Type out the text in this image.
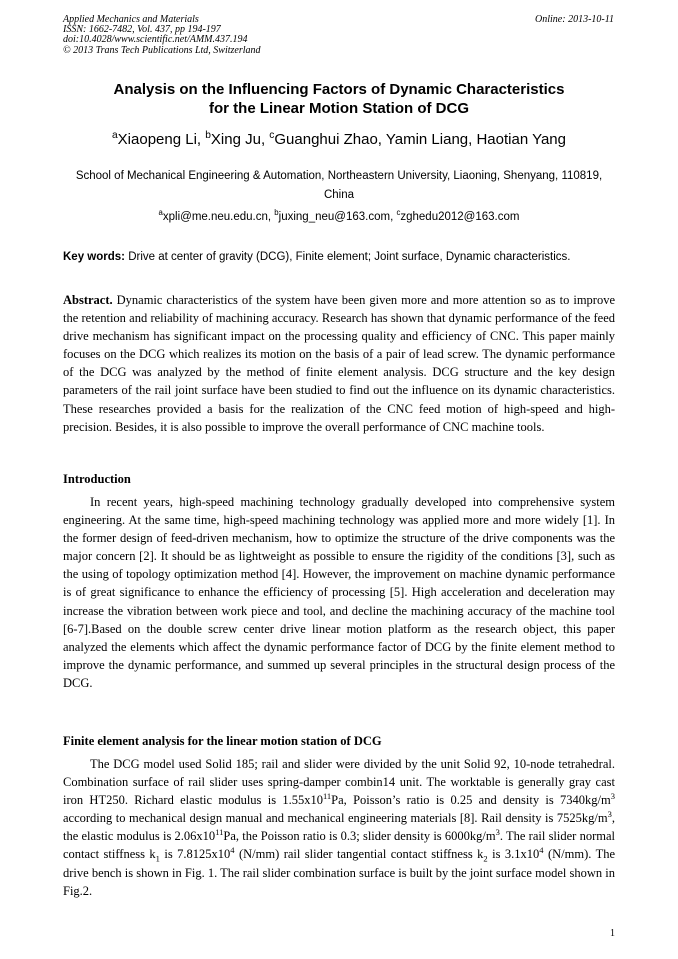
Applied Mechanics and Materials
ISSN: 1662-7482, Vol. 437, pp 194-197
doi:10.4028/www.scientific.net/AMM.437.194
© 2013 Trans Tech Publications Ltd, Switzerland
Online: 2013-10-11
Analysis on the Influencing Factors of Dynamic Characteristics
for the Linear Motion Station of DCG
$^a$Xiaopeng Li, $^b$Xing Ju, $^c$Guanghui Zhao, Yamin Liang, Haotian Yang
School of Mechanical Engineering & Automation, Northeastern University, Liaoning, Shenyang, 110819, China
$^a$xpli@me.neu.edu.cn, $^b$juxing_neu@163.com, $^c$zghedu2012@163.com
Key words: Drive at center of gravity (DCG), Finite element; Joint surface, Dynamic characteristics.
Abstract. Dynamic characteristics of the system have been given more and more attention so as to improve the retention and reliability of machining accuracy. Research has shown that dynamic performance of the feed drive mechanism has significant impact on the processing quality and efficiency of CNC. This paper mainly focuses on the DCG which realizes its motion on the basis of a pair of lead screw. The dynamic performance of the DCG was analyzed by the method of finite element analysis. DCG structure and the key design parameters of the rail joint surface have been studied to find out the influence on its dynamic characteristics. These researches provided a basis for the realization of the CNC feed motion of high-speed and high-precision. Besides, it is also possible to improve the overall performance of CNC machine tools.
Introduction
In recent years, high-speed machining technology gradually developed into comprehensive system engineering. At the same time, high-speed machining technology was applied more and more widely [1]. In the former design of feed-driven mechanism, how to optimize the structure of the drive components was the major concern [2]. It should be as lightweight as possible to ensure the rigidity of the conditions [3], such as the using of topology optimization method [4]. However, the improvement on machine dynamic performance is of great significance to enhance the efficiency of processing [5]. High acceleration and deceleration may increase the vibration between work piece and tool, and decline the machining accuracy of the machine tool [6-7].Based on the double screw center drive linear motion platform as the research object, this paper analyzed the elements which affect the dynamic performance factor of DCG by the finite element method to improve the dynamic performance, and summed up several principles in the structural design process of the DCG.
Finite element analysis for the linear motion station of DCG
The DCG model used Solid 185; rail and slider were divided by the unit Solid 92, 10-node tetrahedral. Combination surface of rail slider uses spring-damper combin14 unit. The worktable is generally gray cast iron HT250. Richard elastic modulus is $1.55x10^{11}Pa$, Poisson’s ratio is 0.25 and density is $7340kg/m^3$ according to mechanical design manual and mechanical engineering materials [8]. Rail density is $7525kg/m^3$, the elastic modulus is $2.06x10^{11}Pa$, the Poisson ratio is 0.3; slider density is $6000kg/m^3$. The rail slider normal contact stiffness $k_1$ is $7.8125x10^4$ (N/mm) rail slider tangential contact stiffness $k_2$ is $3.1x10^4$ (N/mm). The drive bench is shown in Fig. 1. The rail slider combination surface is built by the joint surface model shown in Fig.2.
1
